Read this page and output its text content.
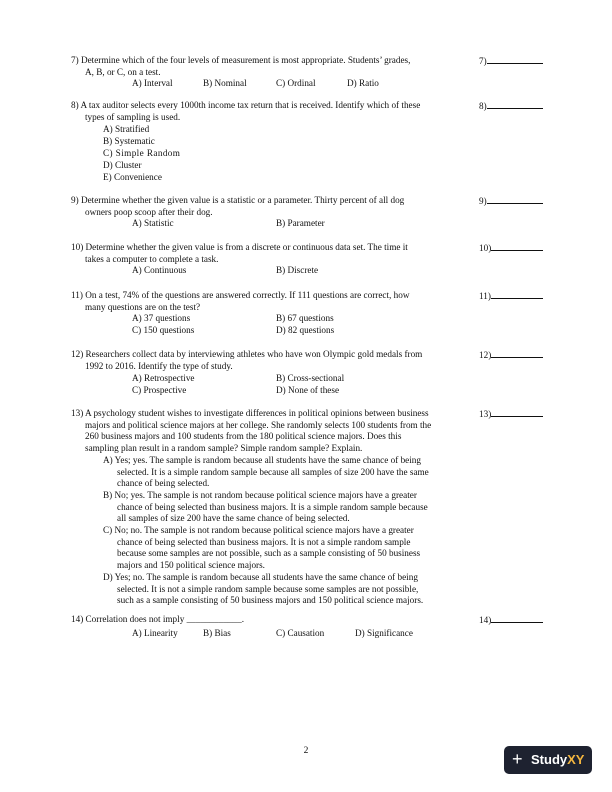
7) Determine which of the four levels of measurement is most appropriate. Students’ grades,
A, B, or C, on a test.
7)
A) Interval	B) Nominal	C) Ordinal	D) Ratio
8) A tax auditor selects every 1000th income tax return that is received. Identify which of these
types of sampling is used.
8)
A) Stratified
B) Systematic
C) Simple Random
D) Cluster
E) Convenience
9) Determine whether the given value is a statistic or a parameter. Thirty percent of all dog
owners poop scoop after their dog.
9)
A) Statistic	B) Parameter
10) Determine whether the given value is from a discrete or continuous data set. The time it
takes a computer to complete a task.
10)
A) Continuous	B) Discrete
11) On a test, 74% of the questions are answered correctly. If 111 questions are correct, how
many questions are on the test?
11)
A) 37 questions	B) 67 questions
C) 150 questions	D) 82 questions
12) Researchers collect data by interviewing athletes who have won Olympic gold medals from
1992 to 2016. Identify the type of study.
12)
A) Retrospective	B) Cross-sectional
C) Prospective	D) None of these
13) A psychology student wishes to investigate differences in political opinions between business
majors and political science majors at her college. She randomly selects 100 students from the
260 business majors and 100 students from the 180 political science majors. Does this
sampling plan result in a random sample? Simple random sample? Explain.
13)
A) Yes; yes. The sample is random because all students have the same chance of being
selected. It is a simple random sample because all samples of size 200 have the same
chance of being selected.
B) No; yes. The sample is not random because political science majors have a greater
chance of being selected than business majors. It is a simple random sample because
all samples of size 200 have the same chance of being selected.
C) No; no. The sample is not random because political science majors have a greater
chance of being selected than business majors. It is not a simple random sample
because some samples are not possible, such as a sample consisting of 50 business
majors and 150 political science majors.
D) Yes; no. The sample is random because all students have the same chance of being
selected. It is not a simple random sample because some samples are not possible,
such as a sample consisting of 50 business majors and 150 political science majors.
14) Correlation does not imply ____________.	14)
A) Linearity	B) Bias	C) Causation	D) Significance
2	+ StudyXY
